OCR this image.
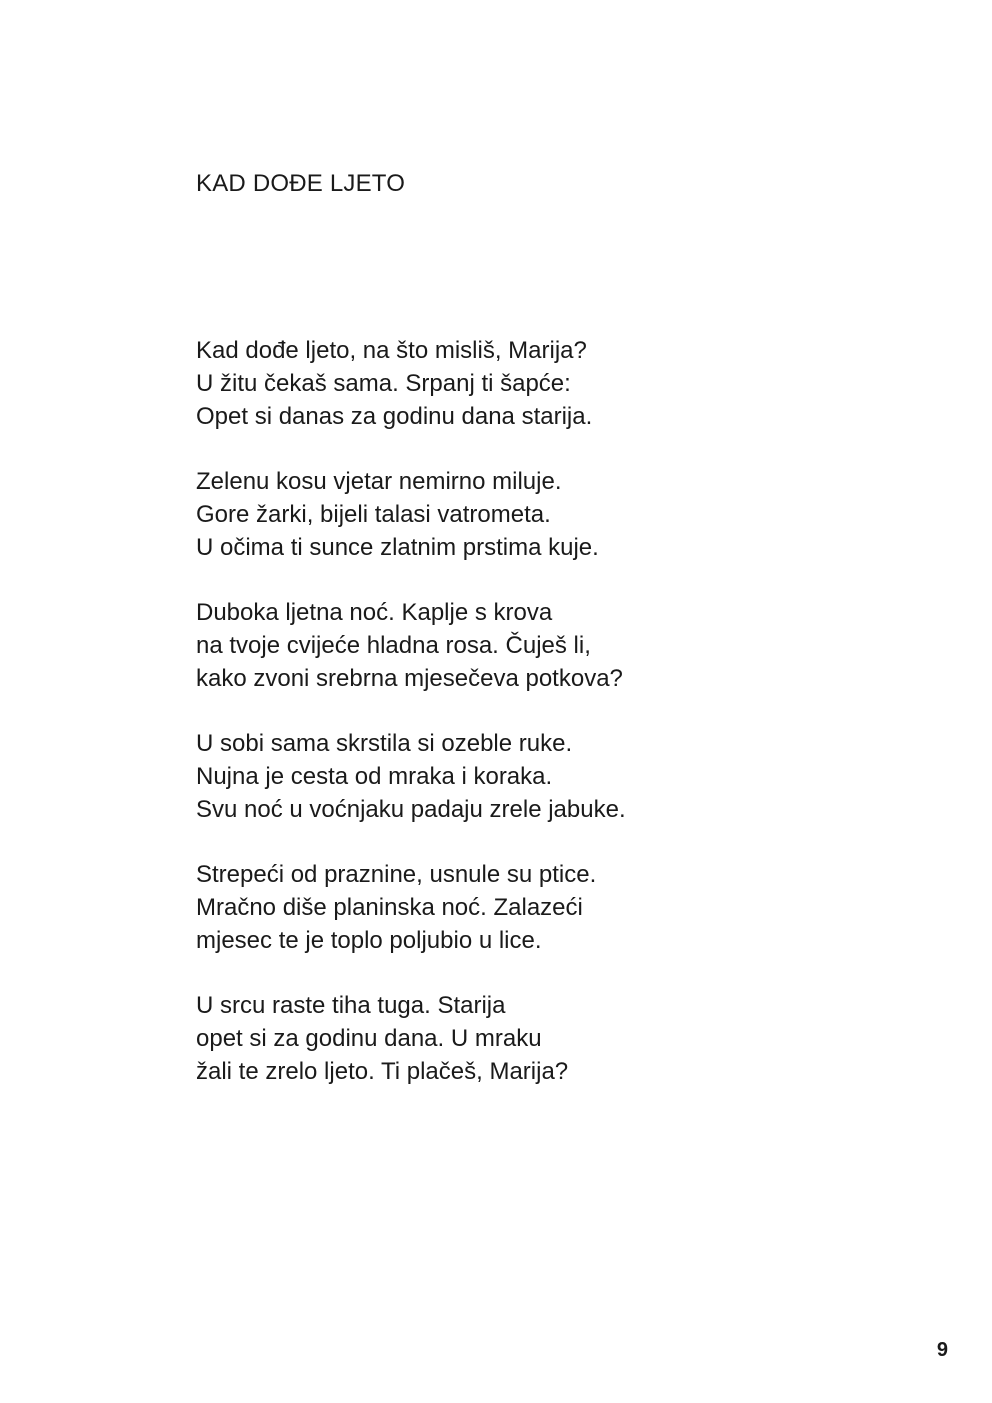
KAD DOĐE LJETO
Kad dođe ljeto, na što misliš, Marija?
U žitu čekaš sama. Srpanj ti šapće:
Opet si danas za godinu dana starija.
Zelenu kosu vjetar nemirno miluje.
Gore žarki, bijeli talasi vatrometa.
U očima ti sunce zlatnim prstima kuje.
Duboka ljetna noć. Kaplje s krova
na tvoje cvijeće hladna rosa. Čuješ li,
kako zvoni srebrna mjesečeva potkova?
U sobi sama skrstila si ozeble ruke.
Nujna je cesta od mraka i koraka.
Svu noć u voćnjaku padaju zrele jabuke.
Strepeći od praznine, usnule su ptice.
Mračno diše planinska noć. Zalazeći
mjesec te je toplo poljubio u lice.
U srcu raste tiha tuga. Starija
opet si za godinu dana. U mraku
žali te zrelo ljeto. Ti plačeš, Marija?
9
